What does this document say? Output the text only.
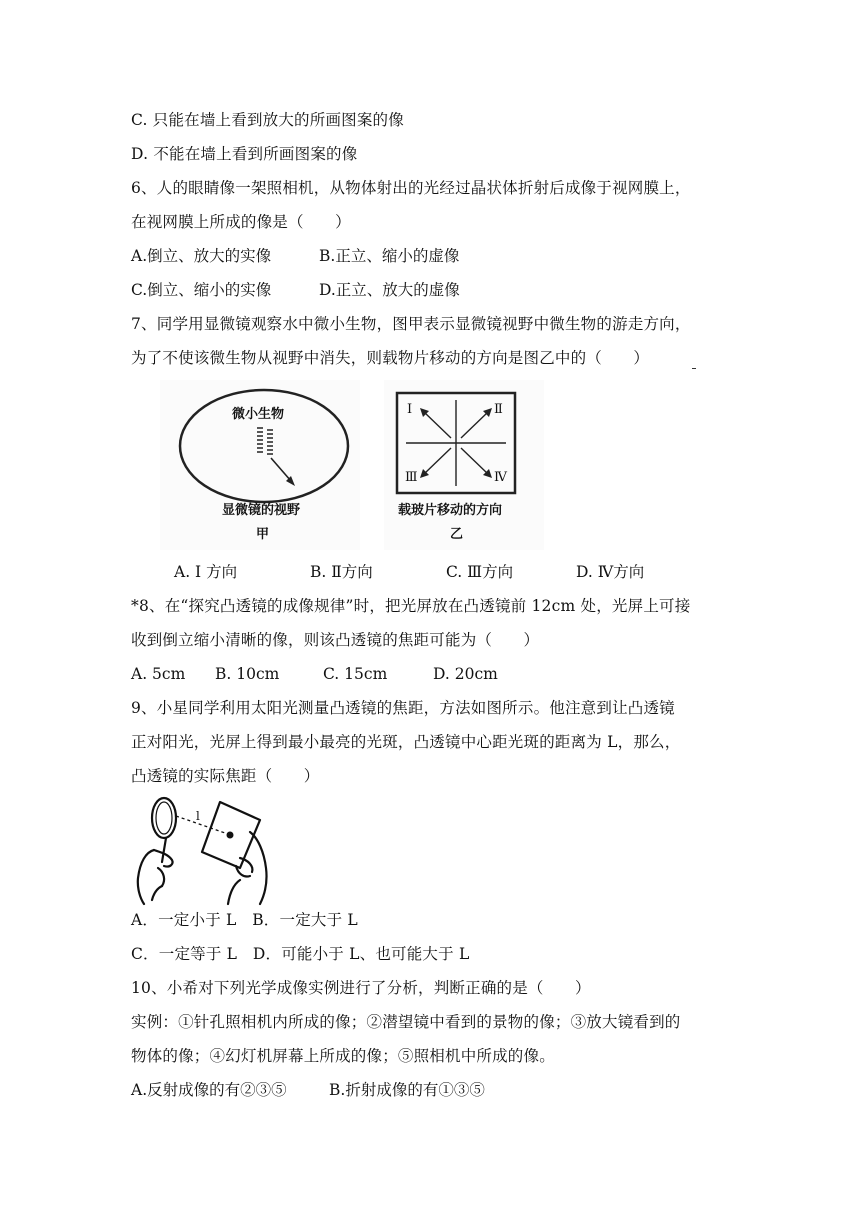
C. 只能在墙上看到放大的所画图案的像
D. 不能在墙上看到所画图案的像
6、人的眼睛像一架照相机，从物体射出的光经过晶状体折射后成像于视网膜上，
在视网膜上所成的像是（　　）
A.倒立、放大的实像	B.正立、缩小的虚像
C.倒立、缩小的实像	D.正立、放大的虚像
7、同学用显微镜观察水中微小生物，图甲表示显微镜视野中微生物的游走方向，
为了不使该微生物从视野中消失，则载物片移动的方向是图乙中的（　　）
微小生物
显微镜的视野
甲
Ⅰ	Ⅱ
Ⅲ	Ⅳ
载玻片移动的方向
乙
A. I 方向	B. Ⅱ方向	C. Ⅲ方向	D. Ⅳ方向
*8、在“探究凸透镜的成像规律”时，把光屏放在凸透镜前 12cm 处，光屏上可接
收到倒立缩小清晰的像，则该凸透镜的焦距可能为（　　）
A. 5cm B. 10cm	C. 15cm	D. 20cm
9、小星同学利用太阳光测量凸透镜的焦距，方法如图所示。他注意到让凸透镜
正对阳光，光屏上得到最小最亮的光斑，凸透镜中心距光斑的距离为 L，那么，
凸透镜的实际焦距（　　）
l
A．一定小于 L　B．一定大于 L
C．一定等于 L　D．可能小于 L、也可能大于 L
10、小希对下列光学成像实例进行了分析，判断正确的是（　　）
实例：①针孔照相机内所成的像；②潜望镜中看到的景物的像；③放大镜看到的
物体的像；④幻灯机屏幕上所成的像；⑤照相机中所成的像。
A.反射成像的有②③⑤	B.折射成像的有①③⑤
